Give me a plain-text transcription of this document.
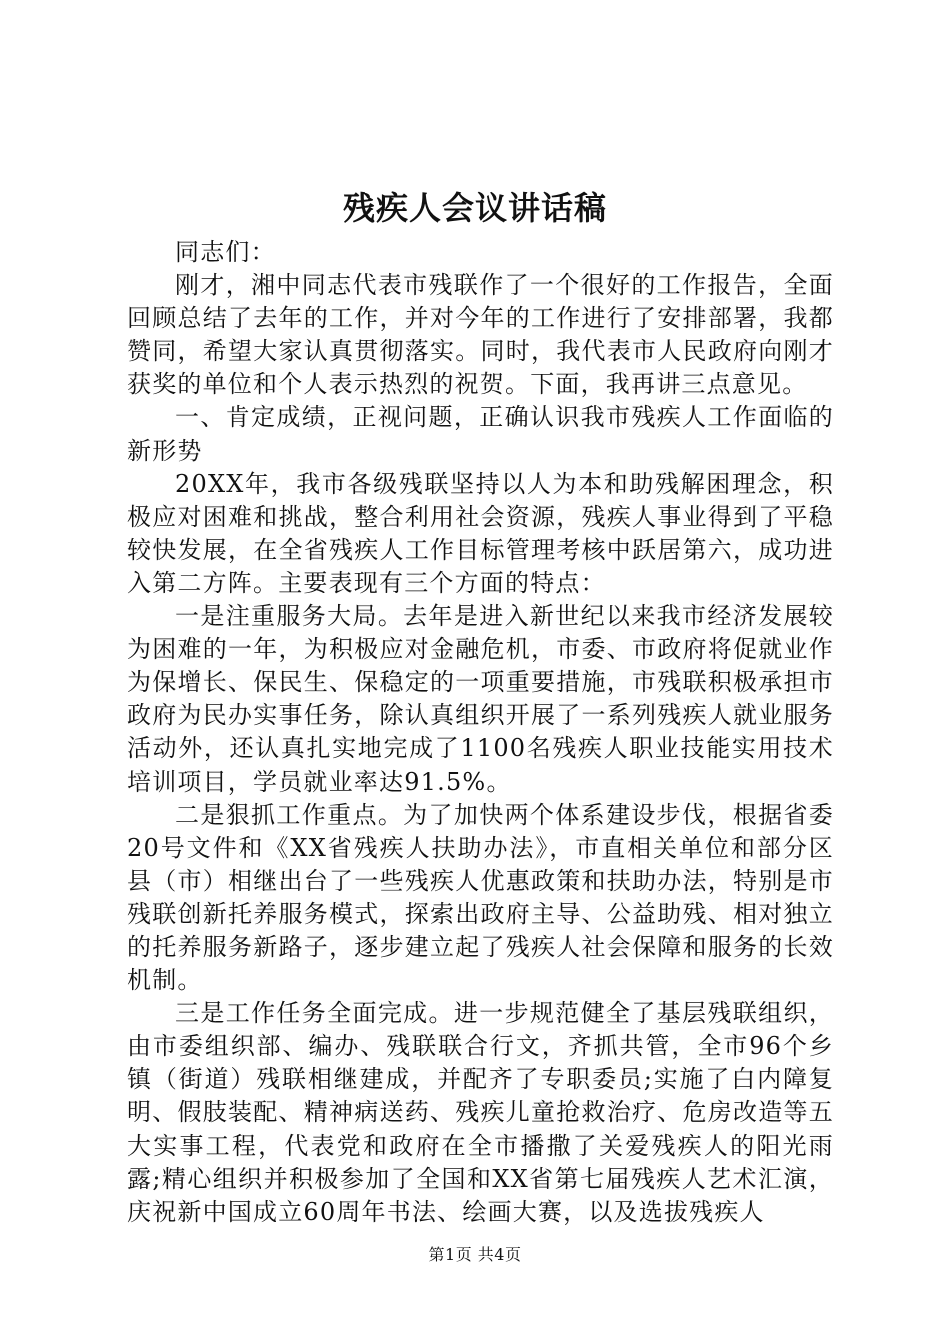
残疾人会议讲话稿

同志们：

刚才，湘中同志代表市残联作了一个很好的工作报告，全面回顾总结了去年的工作，并对今年的工作进行了安排部署，我都赞同，希望大家认真贯彻落实。同时，我代表市人民政府向刚才获奖的单位和个人表示热烈的祝贺。下面，我再讲三点意见。

一、肯定成绩，正视问题，正确认识我市残疾人工作面临的新形势

20XX年，我市各级残联坚持以人为本和助残解困理念，积极应对困难和挑战，整合利用社会资源，残疾人事业得到了平稳较快发展，在全省残疾人工作目标管理考核中跃居第六，成功进入第二方阵。主要表现有三个方面的特点：

一是注重服务大局。去年是进入新世纪以来我市经济发展较为困难的一年，为积极应对金融危机，市委、市政府将促就业作为保增长、保民生、保稳定的一项重要措施，市残联积极承担市政府为民办实事任务，除认真组织开展了一系列残疾人就业服务活动外，还认真扎实地完成了1100名残疾人职业技能实用技术培训项目，学员就业率达91.5%。

二是狠抓工作重点。为了加快两个体系建设步伐，根据省委20号文件和《XX省残疾人扶助办法》，市直相关单位和部分区县（市）相继出台了一些残疾人优惠政策和扶助办法，特别是市残联创新托养服务模式，探索出政府主导、公益助残、相对独立的托养服务新路子，逐步建立起了残疾人社会保障和服务的长效机制。

三是工作任务全面完成。进一步规范健全了基层残联组织，由市委组织部、编办、残联联合行文，齐抓共管，全市96个乡镇（街道）残联相继建成，并配齐了专职委员;实施了白内障复明、假肢装配、精神病送药、残疾儿童抢救治疗、危房改造等五大实事工程，代表党和政府在全市播撒了关爱残疾人的阳光雨露;精心组织并积极参加了全国和XX省第七届残疾人艺术汇演，庆祝新中国成立60周年书法、绘画大赛，以及选拔残疾人

第1页 共4页
